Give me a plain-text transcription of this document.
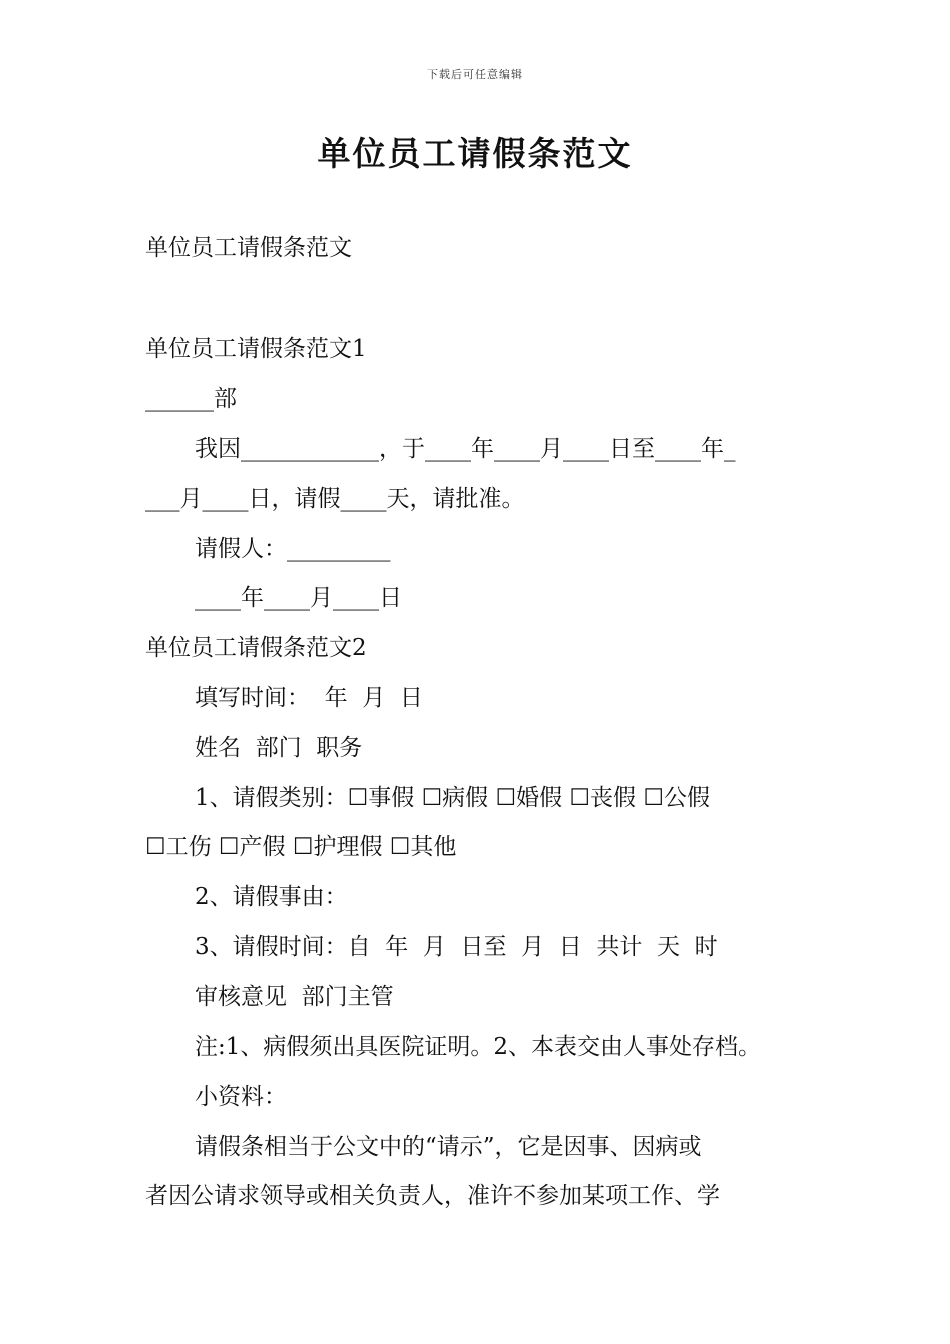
下载后可任意编辑
单位员工请假条范文
单位员工请假条范文
单位员工请假条范文1
______部
我因____________，于____年____月____日至____年_
___月____日，请假____天，请批准。
请假人：_________
____年____月____日
单位员工请假条范文2
填写时间：  年  月  日
姓名  部门  职务
1、请假类别：☐事假 ☐病假 ☐婚假 ☐丧假 ☐公假
☐工伤 ☐产假 ☐护理假 ☐其他
2、请假事由：
3、请假时间：自  年  月  日至  月  日  共计  天  时
审核意见  部门主管
注:1、病假须出具医院证明。2、本表交由人事处存档。
小资料：
请假条相当于公文中的“请示”，它是因事、因病或
者因公请求领导或相关负责人，准许不参加某项工作、学
